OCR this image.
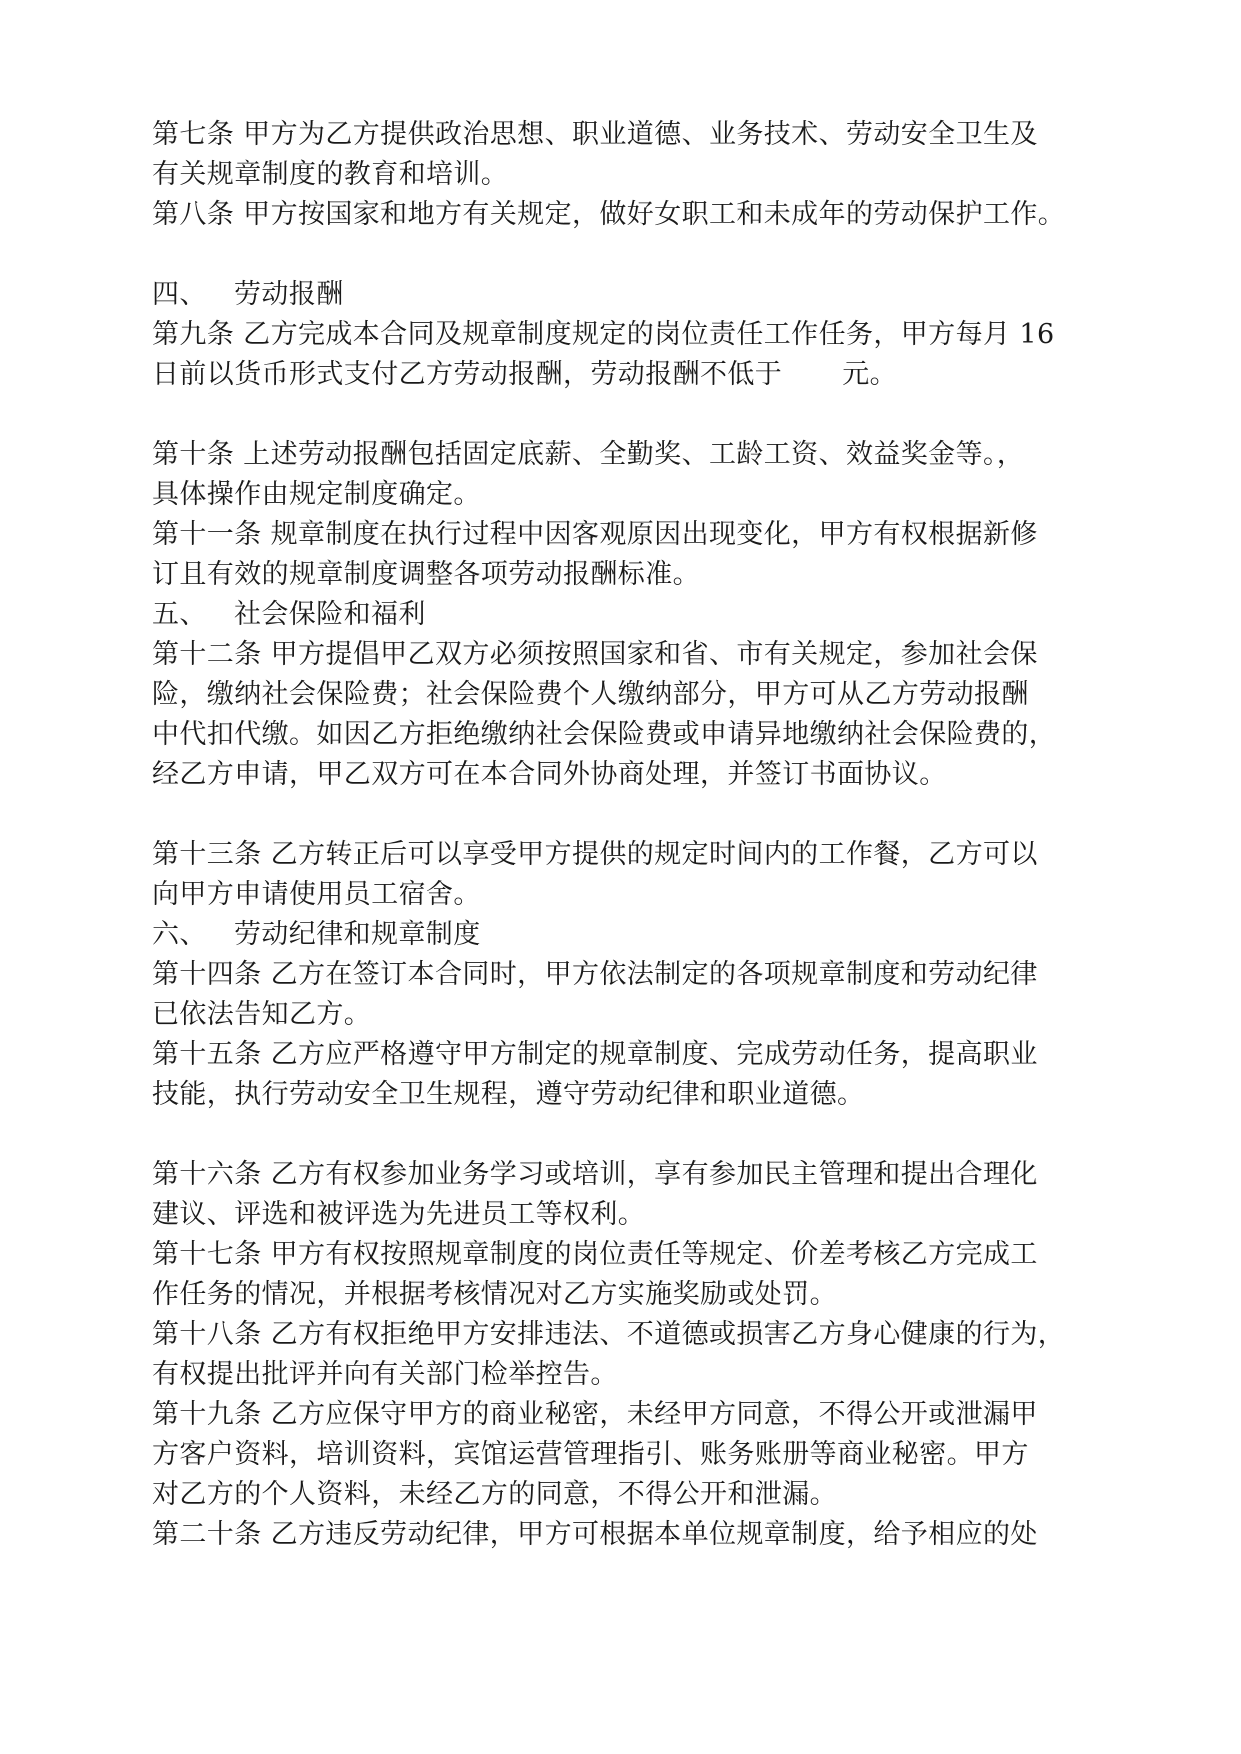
第七条 甲方为乙方提供政治思想、职业道德、业务技术、劳动安全卫生及
有关规章制度的教育和培训。
第八条 甲方按国家和地方有关规定，做好女职工和未成年的劳动保护工作。
四、 劳动报酬
第九条 乙方完成本合同及规章制度规定的岗位责任工作任务，甲方每月 16
日前以货币形式支付乙方劳动报酬，劳动报酬不低于 元。
第十条 上述劳动报酬包括固定底薪、全勤奖、工龄工资、效益奖金等。，
具体操作由规定制度确定。
第十一条 规章制度在执行过程中因客观原因出现变化，甲方有权根据新修
订且有效的规章制度调整各项劳动报酬标准。
五、 社会保险和福利
第十二条 甲方提倡甲乙双方必须按照国家和省、市有关规定，参加社会保
险，缴纳社会保险费；社会保险费个人缴纳部分，甲方可从乙方劳动报酬
中代扣代缴。如因乙方拒绝缴纳社会保险费或申请异地缴纳社会保险费的，
经乙方申请，甲乙双方可在本合同外协商处理，并签订书面协议。
第十三条 乙方转正后可以享受甲方提供的规定时间内的工作餐，乙方可以
向甲方申请使用员工宿舍。
六、 劳动纪律和规章制度
第十四条 乙方在签订本合同时，甲方依法制定的各项规章制度和劳动纪律
已依法告知乙方。
第十五条 乙方应严格遵守甲方制定的规章制度、完成劳动任务，提高职业
技能，执行劳动安全卫生规程，遵守劳动纪律和职业道德。
第十六条 乙方有权参加业务学习或培训，享有参加民主管理和提出合理化
建议、评选和被评选为先进员工等权利。
第十七条 甲方有权按照规章制度的岗位责任等规定、价差考核乙方完成工
作任务的情况，并根据考核情况对乙方实施奖励或处罚。
第十八条 乙方有权拒绝甲方安排违法、不道德或损害乙方身心健康的行为，
有权提出批评并向有关部门检举控告。
第十九条 乙方应保守甲方的商业秘密，未经甲方同意，不得公开或泄漏甲
方客户资料，培训资料，宾馆运营管理指引、账务账册等商业秘密。甲方
对乙方的个人资料，未经乙方的同意，不得公开和泄漏。
第二十条 乙方违反劳动纪律，甲方可根据本单位规章制度，给予相应的处
